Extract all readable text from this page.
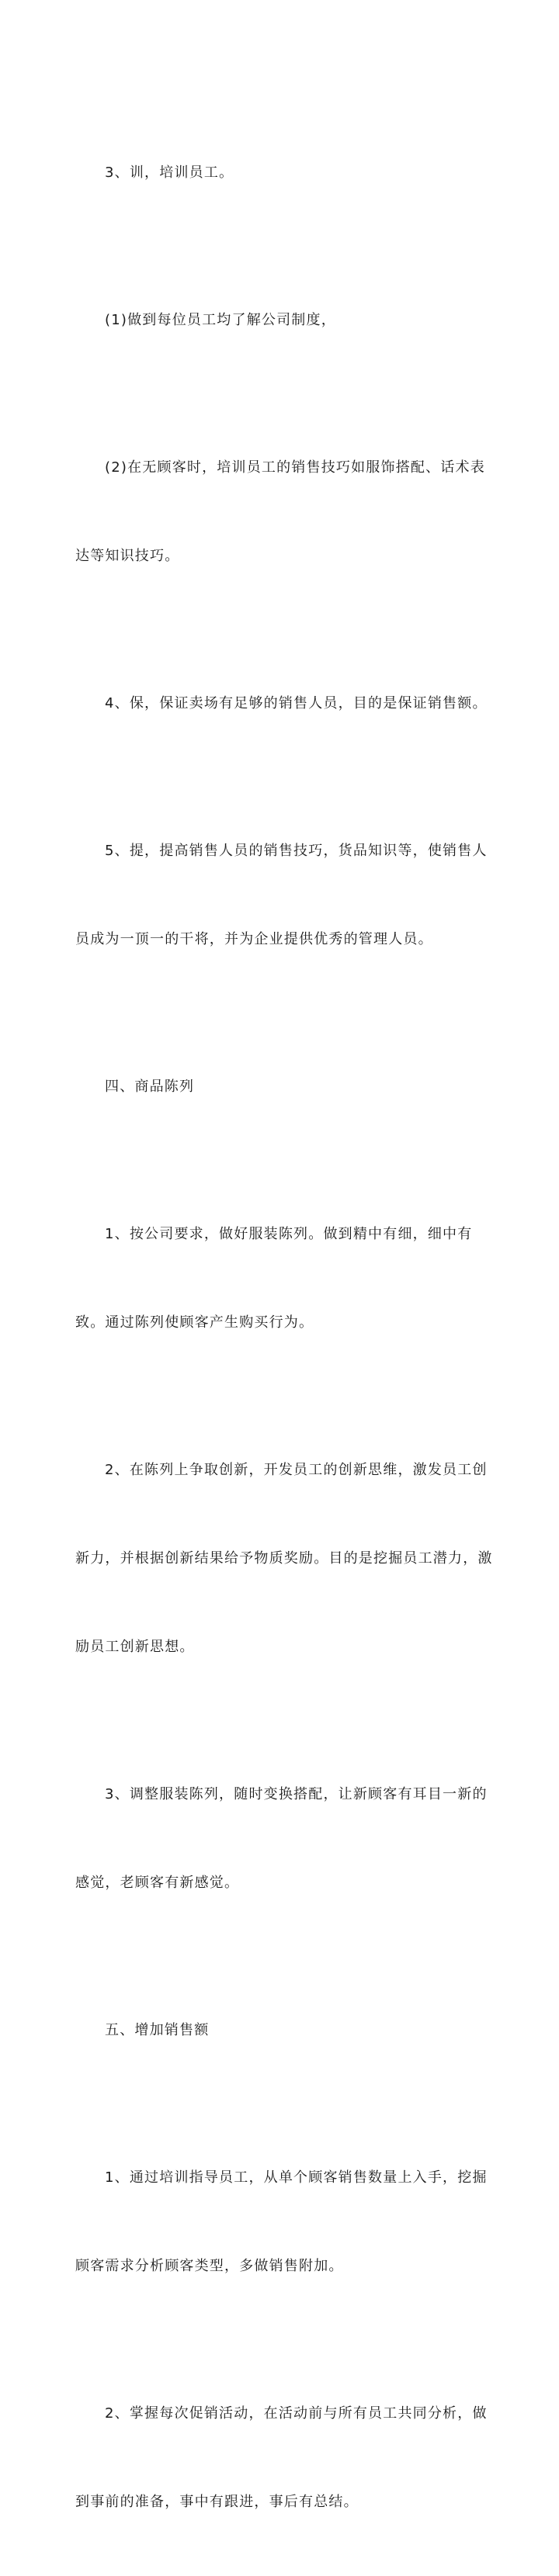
3、训，培训员工。

(1)做到每位员工均了解公司制度，

(2)在无顾客时，培训员工的销售技巧如服饰搭配、话术表

达等知识技巧。

4、保，保证卖场有足够的销售人员，目的是保证销售额。

5、提，提高销售人员的销售技巧，货品知识等，使销售人

员成为一顶一的干将，并为企业提供优秀的管理人员。

四、商品陈列

1、按公司要求，做好服装陈列。做到精中有细，细中有

致。通过陈列使顾客产生购买行为。

2、在陈列上争取创新，开发员工的创新思维，激发员工创

新力，并根据创新结果给予物质奖励。目的是挖掘员工潜力，激

励员工创新思想。

3、调整服装陈列，随时变换搭配，让新顾客有耳目一新的

感觉，老顾客有新感觉。

五、增加销售额

1、通过培训指导员工，从单个顾客销售数量上入手，挖掘

顾客需求分析顾客类型，多做销售附加。

2、掌握每次促销活动，在活动前与所有员工共同分析，做

到事前的准备，事中有跟进，事后有总结。
